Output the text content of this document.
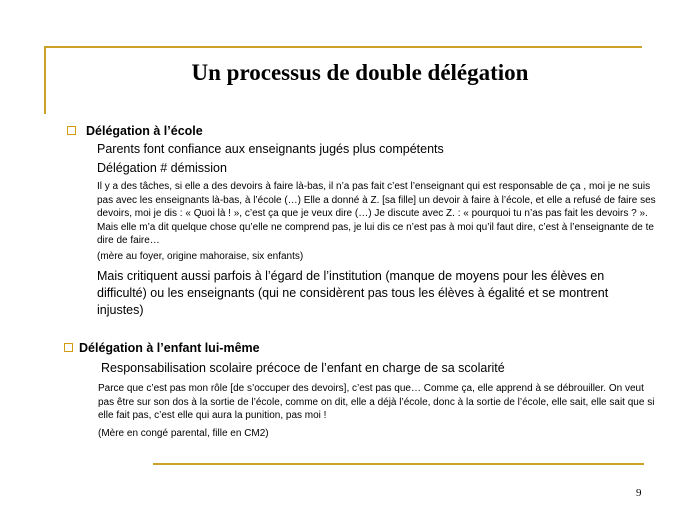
Un processus de double délégation
Délégation à l’école
Parents font confiance aux enseignants jugés plus compétents
Délégation # démission
Il y a des tâches, si elle a des devoirs à faire là-bas, il n’a pas fait c’est l’enseignant qui est responsable de ça , moi je ne suis pas avec les enseignants là-bas, à l’école (…) Elle a donné à Z. [sa fille] un devoir à faire à l’école, et elle a refusé de faire ses devoirs, moi je dis : « Quoi là ! », c’est ça que je veux dire (…) Je discute avec Z. : « pourquoi tu n’as pas fait les devoirs ? ». Mais elle m’a dit quelque chose qu’elle ne comprend pas, je lui dis ce n’est pas à moi qu’il faut dire, c’est à l’enseignante de te dire de faire…
(mère au foyer, origine mahoraise, six enfants)
Mais critiquent aussi parfois à l’égard de l’institution (manque de moyens pour les élèves en difficulté) ou les enseignants (qui ne considèrent pas tous les élèves à égalité et se montrent injustes)
Délégation à l’enfant lui-même
Responsabilisation scolaire précoce de l’enfant en charge de sa scolarité
Parce que c’est pas mon rôle [de s’occuper des devoirs], c’est pas que… Comme ça, elle apprend à se débrouiller. On veut pas être sur son dos à la sortie de l’école, comme on dit, elle a déjà l’école, donc à la sortie de l’école, elle sait, elle sait que si elle fait pas, c’est elle qui aura la punition, pas moi !
(Mère en congé parental, fille en CM2)
9
